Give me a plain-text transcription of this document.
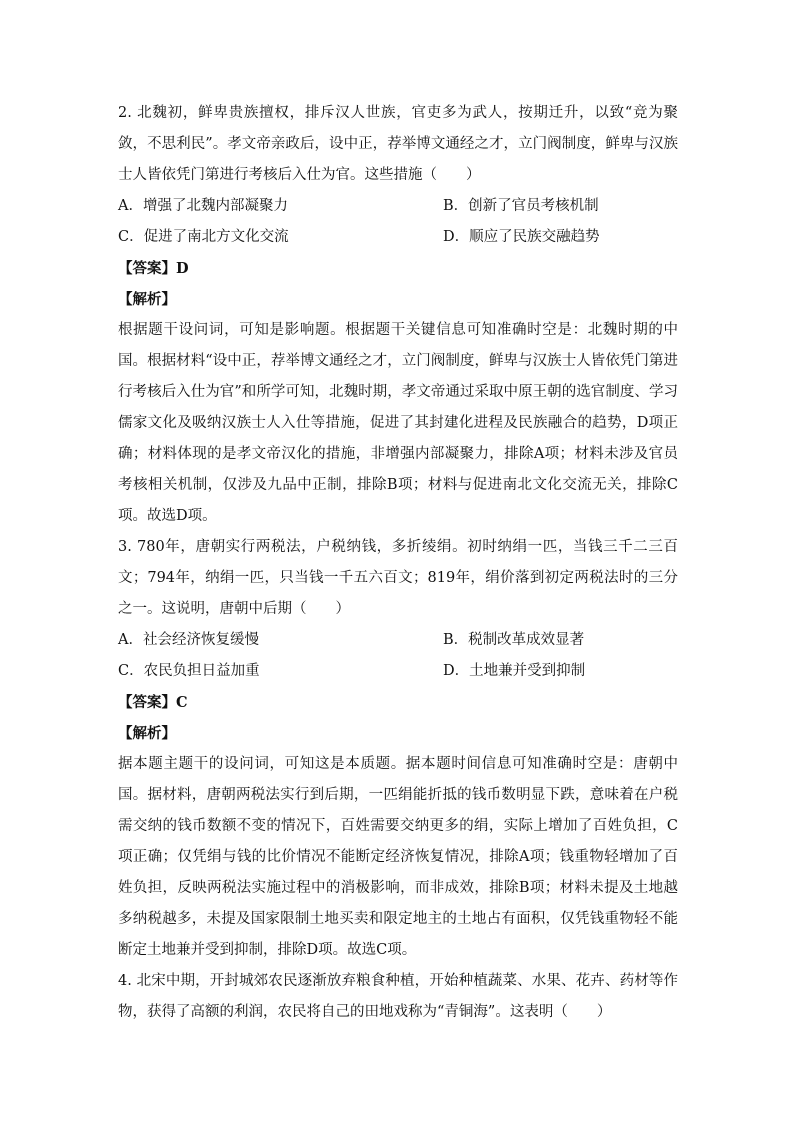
2. 北魏初，鲜卑贵族擅权，排斥汉人世族，官吏多为武人，按期迁升，以致“竞为聚敛，不思利民”。孝文帝亲政后，设中正，荐举博文通经之才，立门阀制度，鲜卑与汉族士人皆依凭门第进行考核后入仕为官。这些措施（　　）

A．增强了北魏内部凝聚力	B．创新了官员考核机制
C．促进了南北方文化交流	D．顺应了民族交融趋势

【答案】D

【解析】

根据题干设问词，可知是影响题。根据题干关键信息可知准确时空是：北魏时期的中国。根据材料“设中正，荐举博文通经之才，立门阀制度，鲜卑与汉族士人皆依凭门第进行考核后入仕为官”和所学可知，北魏时期，孝文帝通过采取中原王朝的选官制度、学习儒家文化及吸纳汉族士人入仕等措施，促进了其封建化进程及民族融合的趋势，D项正确；材料体现的是孝文帝汉化的措施，非增强内部凝聚力，排除A项；材料未涉及官员考核相关机制，仅涉及九品中正制，排除B项；材料与促进南北文化交流无关，排除C项。故选D项。

3. 780年，唐朝实行两税法，户税纳钱，多折绫绢。初时纳绢一匹，当钱三千二三百文；794年，纳绢一匹，只当钱一千五六百文；819年，绢价落到初定两税法时的三分之一。这说明，唐朝中后期（　　）

A．社会经济恢复缓慢	B．税制改革成效显著
C．农民负担日益加重	D．土地兼并受到抑制

【答案】C

【解析】

据本题主题干的设问词，可知这是本质题。据本题时间信息可知准确时空是：唐朝中国。据材料，唐朝两税法实行到后期，一匹绢能折抵的钱币数明显下跌，意味着在户税需交纳的钱币数额不变的情况下，百姓需要交纳更多的绢，实际上增加了百姓负担，C项正确；仅凭绢与钱的比价情况不能断定经济恢复情况，排除A项；钱重物轻增加了百姓负担，反映两税法实施过程中的消极影响，而非成效，排除B项；材料未提及土地越多纳税越多，未提及国家限制土地买卖和限定地主的土地占有面积，仅凭钱重物轻不能断定土地兼并受到抑制，排除D项。故选C项。

4. 北宋中期，开封城郊农民逐渐放弃粮食种植，开始种植蔬菜、水果、花卉、药材等作物，获得了高额的利润，农民将自己的田地戏称为“青铜海”。这表明（　　）
